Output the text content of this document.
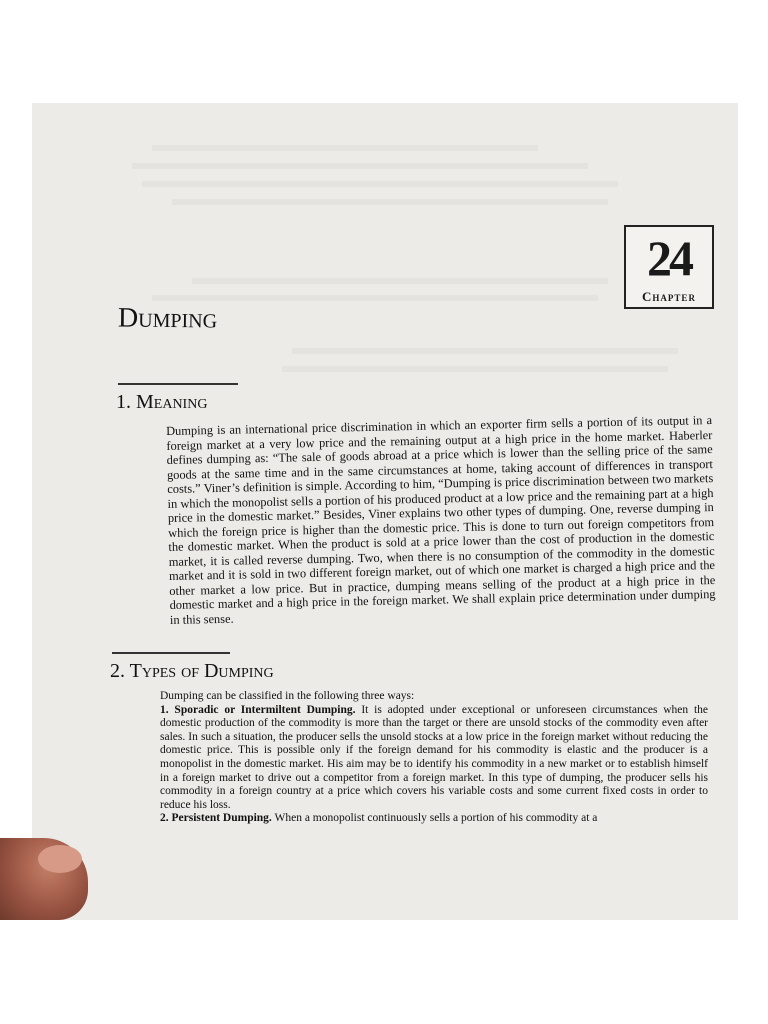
24
Chapter
Dumping
1. Meaning
Dumping is an international price discrimination in which an exporter firm sells a portion of its output in a foreign market at a very low price and the remaining output at a high price in the home market. Haberler defines dumping as: “The sale of goods abroad at a price which is lower than the selling price of the same goods at the same time and in the same circumstances at home, taking account of differences in transport costs.” Viner’s definition is simple. According to him, “Dumping is price discrimination between two markets in which the monopolist sells a portion of his produced product at a low price and the remaining part at a high price in the domestic market.” Besides, Viner explains two other types of dumping. One, reverse dumping in which the foreign price is higher than the domestic price. This is done to turn out foreign competitors from the domestic market. When the product is sold at a price lower than the cost of production in the domestic market, it is called reverse dumping. Two, when there is no consumption of the commodity in the domestic market and it is sold in two different foreign market, out of which one market is charged a high price and the other market a low price. But in practice, dumping means selling of the product at a high price in the domestic market and a high price in the foreign market. We shall explain price determination under dumping in this sense.
2. Types of Dumping

Dumping can be classified in the following three ways:

1. Sporadic or Intermiltent Dumping. It is adopted under exceptional or unforeseen circumstances when the domestic production of the commodity is more than the target or there are unsold stocks of the commodity even after sales. In such a situation, the producer sells the unsold stocks at a low price in the foreign market without reducing the domestic price. This is possible only if the foreign demand for his commodity is elastic and the producer is a monopolist in the domestic market. His aim may be to identify his commodity in a new market or to establish himself in a foreign market to drive out a competitor from a foreign market. In this type of dumping, the producer sells his commodity in a foreign country at a price which covers his variable costs and some current fixed costs in order to reduce his loss.

2. Persistent Dumping. When a monopolist continuously sells a portion of his commodity at a
